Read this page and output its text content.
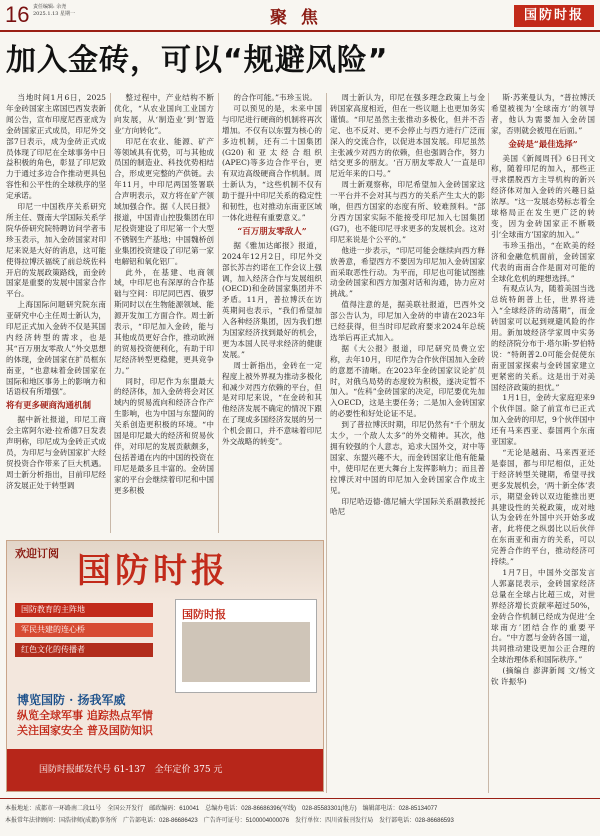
16 责任编辑: 余尧
2025.1.13 星期一	聚 焦	国防时报
加入金砖，可以“规避风险”

当地时间1月6日，2025年金砖国家主席国巴西发表新闻公告，宣布印度尼西亚成为金砖国家正式成员，印尼外交部7日表示，成为金砖正式成员体现了印尼在全球事务中日益积极的角色，彰显了印尼致力于通过多边合作推动更具包容性和公平性的全球秩序的坚定承诺。

印尼一中国秩序关系研究所主任、暨南大学国际关系学院华侨研究院特聘访问学者韦珍玉表示，加入金砖国家对印尼来说是大好的消息，这可能使得拉博沃福统了前总统佐科开启的发展政策路线，而金砖国家是重要的发展中国家合作平台。

上海国际问题研究院东南亚研究中心主任周士新认为，印尼正式加入金砖不仅是其国内经济转型的需求，也是其“百万朋友零敌人”外交思想的体现，金砖国家在扩员框东南亚，“也意味着金砖国家在国际和地区事务上的影响力和话语权有所增强”。

将有更多硬商沟通机制

据中新社报道，印尼工商会主席阿尔逊·拉希德7日发表声明称，印尼成为金砖正式成员，为印尼与金砖国家扩大经贸投资合作带来了巨大机遇。周士新分析指出，目前印尼经济发展正处于转型调

整过程中，产业结构不断优化，“从农业国向工业国方向发展，从‘制造业’到‘智造业’方向转化”。

印尼在农业、能源、矿产等领域具有优势，可与其他成员国的制造业、科技优势相结合，形成更完整的产供链。去年11月，中印尼两国签署联合声明表示，双方将在矿产领域加强合作。据《人民日报》报道，中国青山控股集团在印尼投资建设了印尼第一个大型不锈钢生产基地；中国魏桥创业集团投资建设了印尼第一家电解铝和氧化铝厂。

此外，在基建、电商领域，中印尼也有深厚的合作基础与空间：印尼同巴西、俄罗斯同时以在生物能源领域、能源开发加工方面合作。周士新表示，“印尼加入金砖，能与其他成员更好合作，推动欧洲的贸易投资便利化，有助于印尼经济转型更稳健，更具竞争力。”

同时，印尼作为东盟最大的经济体，加入金砖将会对区域内的贸易流向和经济合作产生影响，也为中国与东盟间的关系创造更积极的环境。“中国是印尼最大的经济和贸易伙伴，对印尼的发展贡献颇多，包括普通在内的中国的投资在印尼是最多且丰富的。金砖国家的平台会继续着印尼和中国更多积极

的合作可能。”韦珍玉说。

可以预见的是，未来中国与印尼进行硬商的机制将再次增加。不仅有以东盟为核心的多边机制，还有二十国集团(G20)和亚太经合组织(APEC)等多边合作平台，更有双边高级硬商合作机制。周士新认为，“这些机制不仅有助于提升中印尼关系的稳定性和韧性，也对推动东南亚区域一体化进程有重要意义。”

“百万朋友零敌人”

据《雅加达邮报》报道，2024年12月2日，印尼外交部长苏吉约诺在工作会议上强调，加入经济合作与发展组织(OECD)和金砖国家集团并不矛盾。11月，普拉博沃在访英期间也表示，“我们希望加入各种经济集团，因为我们想为国家经济找到最好的机会，更为本国人民寻求经济的健康发展。”

周士新指出，金砖在一定程度上被外界视为推动多极化和减少对西方依赖的平台，但是对印尼来说，“在金砖和其他经济发展不确定的情况下跟在了现成多国经济发展的另一个机会面口，并不意味着印尼外交战略的转变”。

周士新认为，印尼在强多理念政策上与金砖国家高度相近，但在一些议题上也更加务实谨慎。“印尼虽然主张推动多极化，但并不否定、也不反对、更不会停止与西方进行广泛而深入的交流合作，以促进本国发展。印尼虽然主张减少对西方的依赖，但也强调合作，努力结交更多的朋友。‘百万朋友零敌人’一直是印尼近年来的口号。”

周士新观察称，印尼希望加入金砖国家这一平台并不会对其与西方的关系产生太大的影响，但西方国家的态度有所、较难预料。“部分西方国家实际不能接受印尼加入七国集团(G7)，也不能印尼寻求更多的发展机会。这对印尼来说是个公平的。”

他进一步表示，“印尼可能会继续向西方释放善意，希望西方不要因为印尼加入金砖国家而采取恶性行动。为平而，印尼也可能试图推动金砖国家和西方加强对话和沟通，协力应对挑战。”

值得注意的是，据美联社报道，巴西外交部公告认为，印尼加入金砖的申请在2023年已经获得，但当时印尼政府要求2024年总统选举后再正式加入。

据《大公报》报道，印尼研究员费立宏称，去年10月，印尼作为合作伙伴国加入金砖的意愿不清晰。在2023年金砖国家议论扩员时，对俄乌局势的态度较为积极，遂决定暂不加入。“佐科”金砖国家的决定，印尼要优先加入OECD，这是主要任务；二是加入金砖国家的必要性和好处论证不足。

到了普拉博沃时期，印尼仍然有“千个朋友太少，一个敌人太多”的外交精神。其次，他拥有较强的个人意志，追求大国外交，对中等国家、东盟兴趣不大，而金砖国家让他有能量中，使印尼在更大舞台上发挥影响力；而且普拉博沃对中国的印尼加入金砖国家合作成主见。

印尼哈迈德·德尼辅大学国际关系副教授托哈尼

斯·苏莱曼认为，“普拉博沃希望被视为‘全球南方’的领导者，他认为需要加入金砖国家，否则就会被甩在后面。”

金砖是“最佳选择”

美国《新闻周刊》6日刊文称，随着印尼的加入，那些正寻求摆脱西方主导机构的新兴经济体对加入金砖的兴趣日益浓厚。“这一发展态势标志着全球格局正在发生更广泛的转变，因为金砖国家正不断吸引‘全球南方’国家的加入。”

韦珍玉指出，“在欧美的经济和金融危机面前，金砖国家代表的南南合作是面对可能的全球化危机的理想选择。”

有观点认为，随着美国当选总统特朗普上任，世界将进入“全球经济的动荡期”，而金砖国家可以起到规避风险的作用。新加坡经济学家周中实务的经济院分布于·塔尔斯·罗伯特说：“特朗普2.0可能会促使东南亚国家探索与金砖国家建立更紧密的关系。这是出于对美国经济政策的担忧。”

1月1日，金砖大家庭迎来9个伙伴国。除了前宣布已正式加入金砖的印尼，9个伙伴国中还有马来西亚、泰国两个东南亚国家。

“无论是越南、马来西亚还是泰国，都与印尼相似，正处于经济转型关键期，希望寻找更多发展机会，‘两十新全体’表示，期望金砖以双边能推出更具建设性的关税政策，成对地认为金砖在外国中兴开始多或者，此将使之纵弱比以后伙伴在东南亚和南方的关系，可以完善合作的平台，推动经济可持续。”

1月7日，中国外交部发言人郭嘉昆表示，金砖国家经济总量在全球占比超三成，对世界经济增长贡献率超过50%，金砖合作机制已经成为促进‘全球南方’团结合作的重要平台。“中方愿与金砖各国一道，共同推动建设更加公正合理的全球治理体系和国际秩序。”

(摘编自 澎湃新闻 文/杨文钦 许振华)

欢迎订阅 国防时报
国防教育的主阵地
军民共建的连心桥
红色文化的传播者
国防时报
博览国防 · 扬我军威
纵览全球军事 追踪热点军情
关注国家安全 普及国防知识
国防时报邮发代号 61-137　全年定价 375 元
本报地址：成都市一环路南二段11号　全国公开发行　邮政编码：610041　总编办电话：028-86686396(军线)　028-85583301(地方)　编辑部电话：028-85134077
本报常年法律顾问：国浩律师(成都)事务所　广告部电话：028-86686423　广告许可证号：5100004000076　发行单位：四川省报刊发行局　发行部电话：028-86686593
